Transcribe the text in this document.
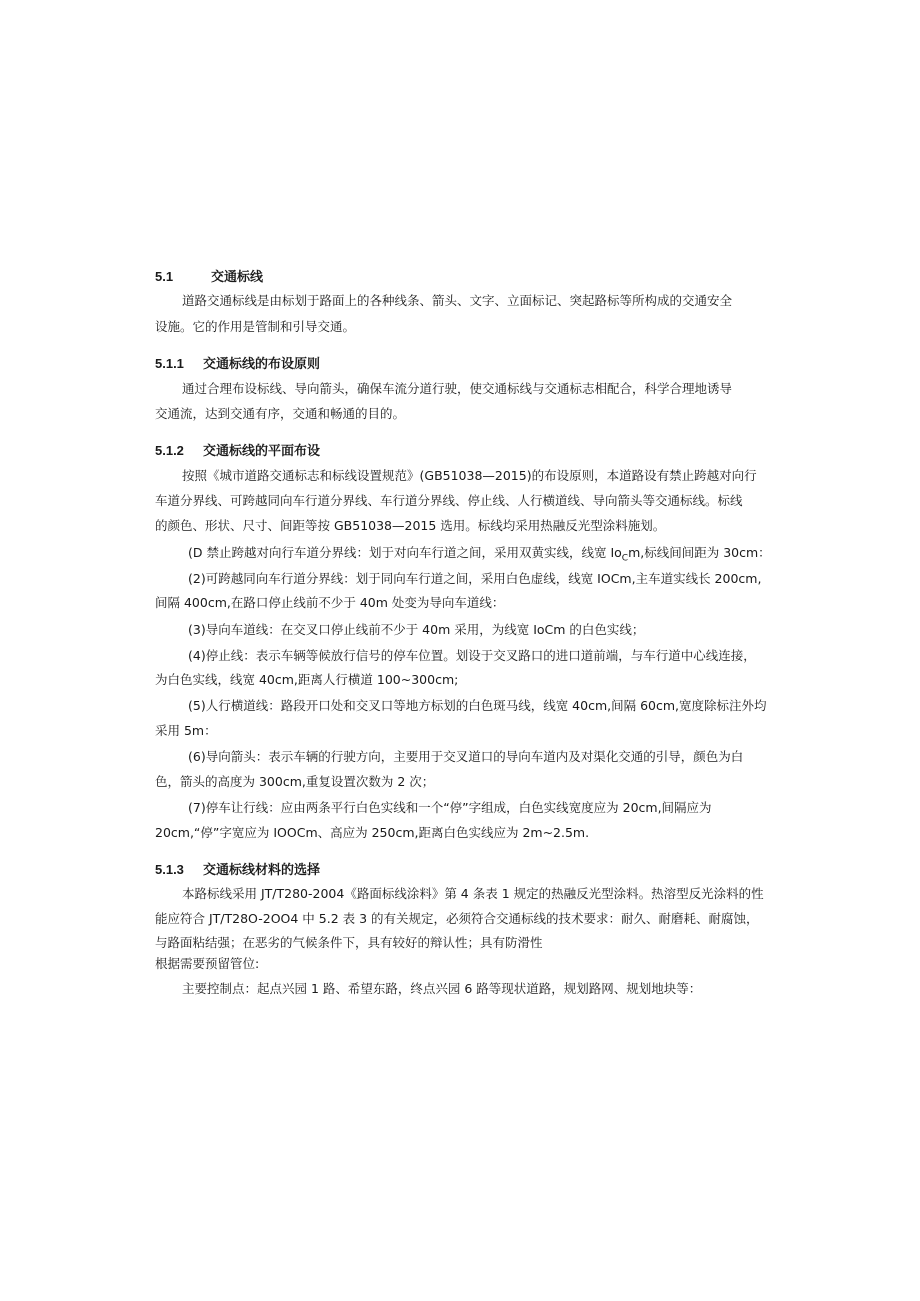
5.1	交通标线
道路交通标线是由标划于路面上的各种线条、箭头、文字、立面标记、突起路标等所构成的交通安全
设施。它的作用是管制和引导交通。
5.1.1 交通标线的布设原则
通过合理布设标线、导向箭头，确保车流分道行驶，使交通标线与交通标志相配合，科学合理地诱导
交通流，达到交通有序，交通和畅通的目的。
5.1.2 交通标线的平面布设
按照《城市道路交通标志和标线设置规范》(GB51038—2015)的布设原则，本道路设有禁止跨越对向行
车道分界线、可跨越同向车行道分界线、车行道分界线、停止线、人行横道线、导向箭头等交通标线。标线
的颜色、形状、尺寸、间距等按 GB51038—2015 选用。标线均采用热融反光型涂料施划。
(D 禁止跨越对向行车道分界线：划于对向车行道之间，采用双黄实线，线宽 $Io_Cm$,标线间间距为 30cm：
(2)可跨越同向车行道分界线：划于同向车行道之间，采用白色虚线，线宽 IOCm,主车道实线长 200cm,
间隔 400cm,在路口停止线前不少于 40m 处变为导向车道线：
(3)导向车道线：在交叉口停止线前不少于 40m 采用，为线宽 IoCm 的白色实线；
(4)停止线：表示车辆等候放行信号的停车位置。划设于交叉路口的进口道前端，与车行道中心线连接，
为白色实线，线宽 40cm,距离人行横道 100~300cm;
(5)人行横道线：路段开口处和交叉口等地方标划的白色斑马线，线宽 40cm,间隔 60cm,宽度除标注外均
采用 5m：
(6)导向箭头：表示车辆的行驶方向，主要用于交叉道口的导向车道内及对渠化交通的引导，颜色为白
色，箭头的高度为 300cm,重复设置次数为 2 次；
(7)停车让行线：应由两条平行白色实线和一个“停”字组成，白色实线宽度应为 20cm,间隔应为
20cm,“停”字宽应为 IOOCm、高应为 250cm,距离白色实线应为 2m~2.5m.
5.1.3 交通标线材料的选择
本路标线采用 JT/T280-2004《路面标线涂料》第 4 条表 1 规定的热融反光型涂料。热溶型反光涂料的性
能应符合 JT/T28O-2OO4 中 5.2 表 3 的有关规定，必须符合交通标线的技术要求：耐久、耐磨耗、耐腐蚀，
与路面粘结强；在恶劣的气候条件下，具有较好的辩认性；具有防滑性
根据需要预留管位:
主要控制点：起点兴园 1 路、希望东路，终点兴园 6 路等现状道路，规划路网、规划地块等：
